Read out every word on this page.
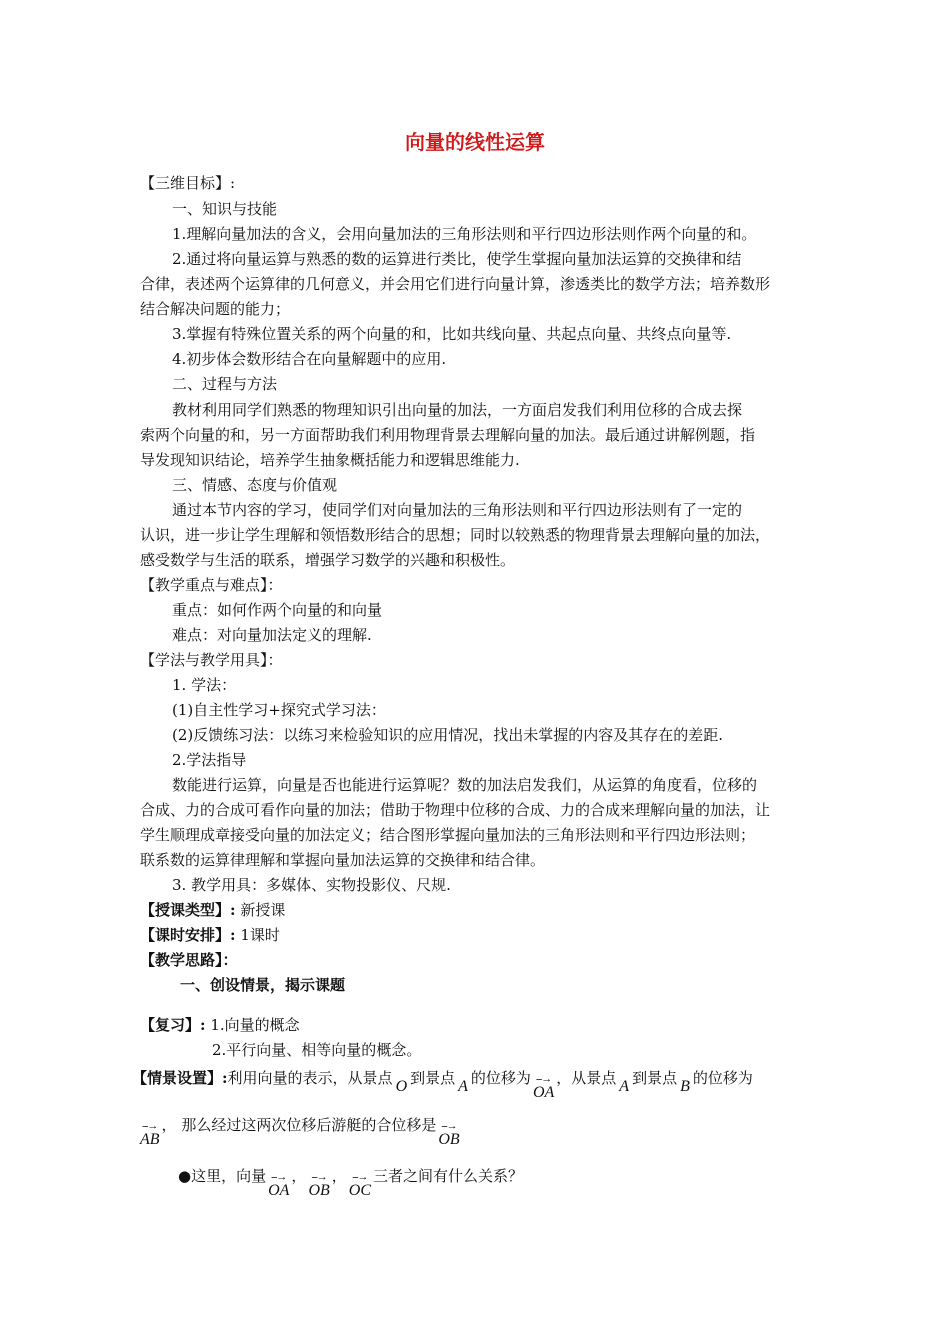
向量的线性运算
【三维目标】:
一、知识与技能
1.理解向量加法的含义，会用向量加法的三角形法则和平行四边形法则作两个向量的和。
2.通过将向量运算与熟悉的数的运算进行类比，使学生掌握向量加法运算的交换律和结
合律，表述两个运算律的几何意义，并会用它们进行向量计算，渗透类比的数学方法；培养数形
结合解决问题的能力；
3.掌握有特殊位置关系的两个向量的和，比如共线向量、共起点向量、共终点向量等.
4.初步体会数形结合在向量解题中的应用.
二、过程与方法
教材利用同学们熟悉的物理知识引出向量的加法，一方面启发我们利用位移的合成去探
索两个向量的和，另一方面帮助我们利用物理背景去理解向量的加法。最后通过讲解例题，指
导发现知识结论，培养学生抽象概括能力和逻辑思维能力.
三、情感、态度与价值观
通过本节内容的学习，使同学们对向量加法的三角形法则和平行四边形法则有了一定的
认识，进一步让学生理解和领悟数形结合的思想；同时以较熟悉的物理背景去理解向量的加法，
感受数学与生活的联系，增强学习数学的兴趣和积极性。
【教学重点与难点】：
重点：如何作两个向量的和向量
难点：对向量加法定义的理解.
【学法与教学用具】：
1. 学法：
(1)自主性学习+探究式学习法：
(2)反馈练习法：以练习来检验知识的应用情况，找出未掌握的内容及其存在的差距.
2.学法指导
数能进行运算，向量是否也能进行运算呢？数的加法启发我们，从运算的角度看，位移的
合成、力的合成可看作向量的加法；借助于物理中位移的合成、力的合成来理解向量的加法，让
学生顺理成章接受向量的加法定义；结合图形掌握向量加法的三角形法则和平行四边形法则；
联系数的运算律理解和掌握向量加法运算的交换律和结合律。
3. 教学用具：多媒体、实物投影仪、尺规.
【授课类型】: 新授课
【课时安排】: 1课时
【教学思路】：
一、创设情景，揭示课题
【复习】: 1.向量的概念
2.平行向量、相等向量的概念。
【情景设置】:利用向量的表示，从景点 O 到景点 A 的位移为 --→
OA，从景点 A 到景点 B 的位移为
--→
AB， 那么经过这两次位移后游艇的合位移是 --→
OB
●这里，向量 --→
OA， --→
OB， --→
OC三者之间有什么关系？
